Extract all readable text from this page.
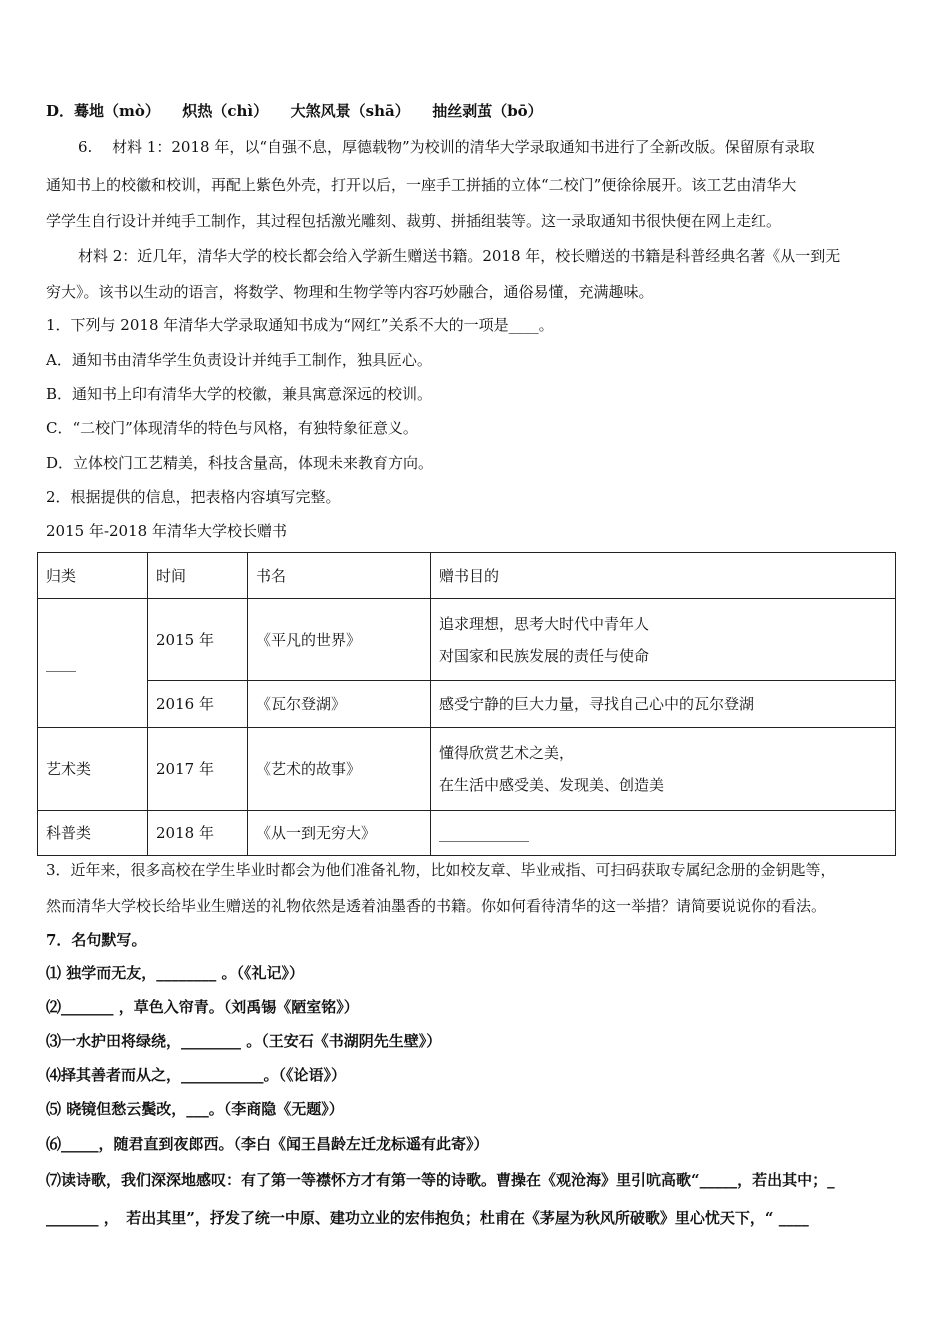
D．蓦地（mò）　　炽热（chì）　　大煞风景（shā）　　抽丝剥茧（bō）
6.　 材料 1：2018 年，以“自强不息，厚德载物”为校训的清华大学录取通知书进行了全新改版。保留原有录取
通知书上的校徽和校训，再配上紫色外壳，打开以后，一座手工拼插的立体“二校门”便徐徐展开。该工艺由清华大
学学生自行设计并纯手工制作，其过程包括激光雕刻、裁剪、拼插组装等。这一录取通知书很快便在网上走红。
材料 2：近几年，清华大学的校长都会给入学新生赠送书籍。2018 年，校长赠送的书籍是科普经典名著《从一到无
穷大》。该书以生动的语言，将数学、物理和生物学等内容巧妙融合，通俗易懂，充满趣味。
1．下列与 2018 年清华大学录取通知书成为“网红”关系不大的一项是____。
A．通知书由清华学生负责设计并纯手工制作，独具匠心。
B．通知书上印有清华大学的校徽，兼具寓意深远的校训。
C．“二校门”体现清华的特色与风格，有独特象征意义。
D．立体校门工艺精美，科技含量高，体现未来教育方向。
2．根据提供的信息，把表格内容填写完整。
2015 年-2018 年清华大学校长赠书
归类	时间	书名	赠书目的
____	2015 年	《平凡的世界》	追求理想，思考大时代中青年人
对国家和民族发展的责任与使命

	2016 年	《瓦尔登湖》	感受宁静的巨大力量，寻找自己心中的瓦尔登湖
艺术类	2017 年	《艺术的故事》	懂得欣赏艺术之美，
在生活中感受美、发现美、创造美

科普类	2018 年	《从一到无穷大》	____________
3．近年来，很多高校在学生毕业时都会为他们准备礼物，比如校友章、毕业戒指、可扫码获取专属纪念册的金钥匙等，
然而清华大学校长给毕业生赠送的礼物依然是透着油墨香的书籍。你如何看待清华的这一举措？请简要说说你的看法。
7．名句默写。
⑴ 独学而无友，________ 。（《礼记》）
⑵_______ ，草色入帘青。（刘禹锡《陋室铭》）
⑶一水护田将绿绕，________ 。（王安石《书湖阴先生壁》）
⑷择其善者而从之，___________。（《论语》）
⑸ 晓镜但愁云鬓改，___。（李商隐《无题》）
⑹_____，随君直到夜郎西。（李白《闻王昌龄左迁龙标遥有此寄》）
⑺读诗歌，我们深深地感叹：有了第一等襟怀方才有第一等的诗歌。曹操在《观沧海》里引吭高歌“_____，若出其中；_
_______ ，　若出其里”，抒发了统一中原、建功立业的宏伟抱负；杜甫在《茅屋为秋风所破歌》里心忧天下，“ ____
